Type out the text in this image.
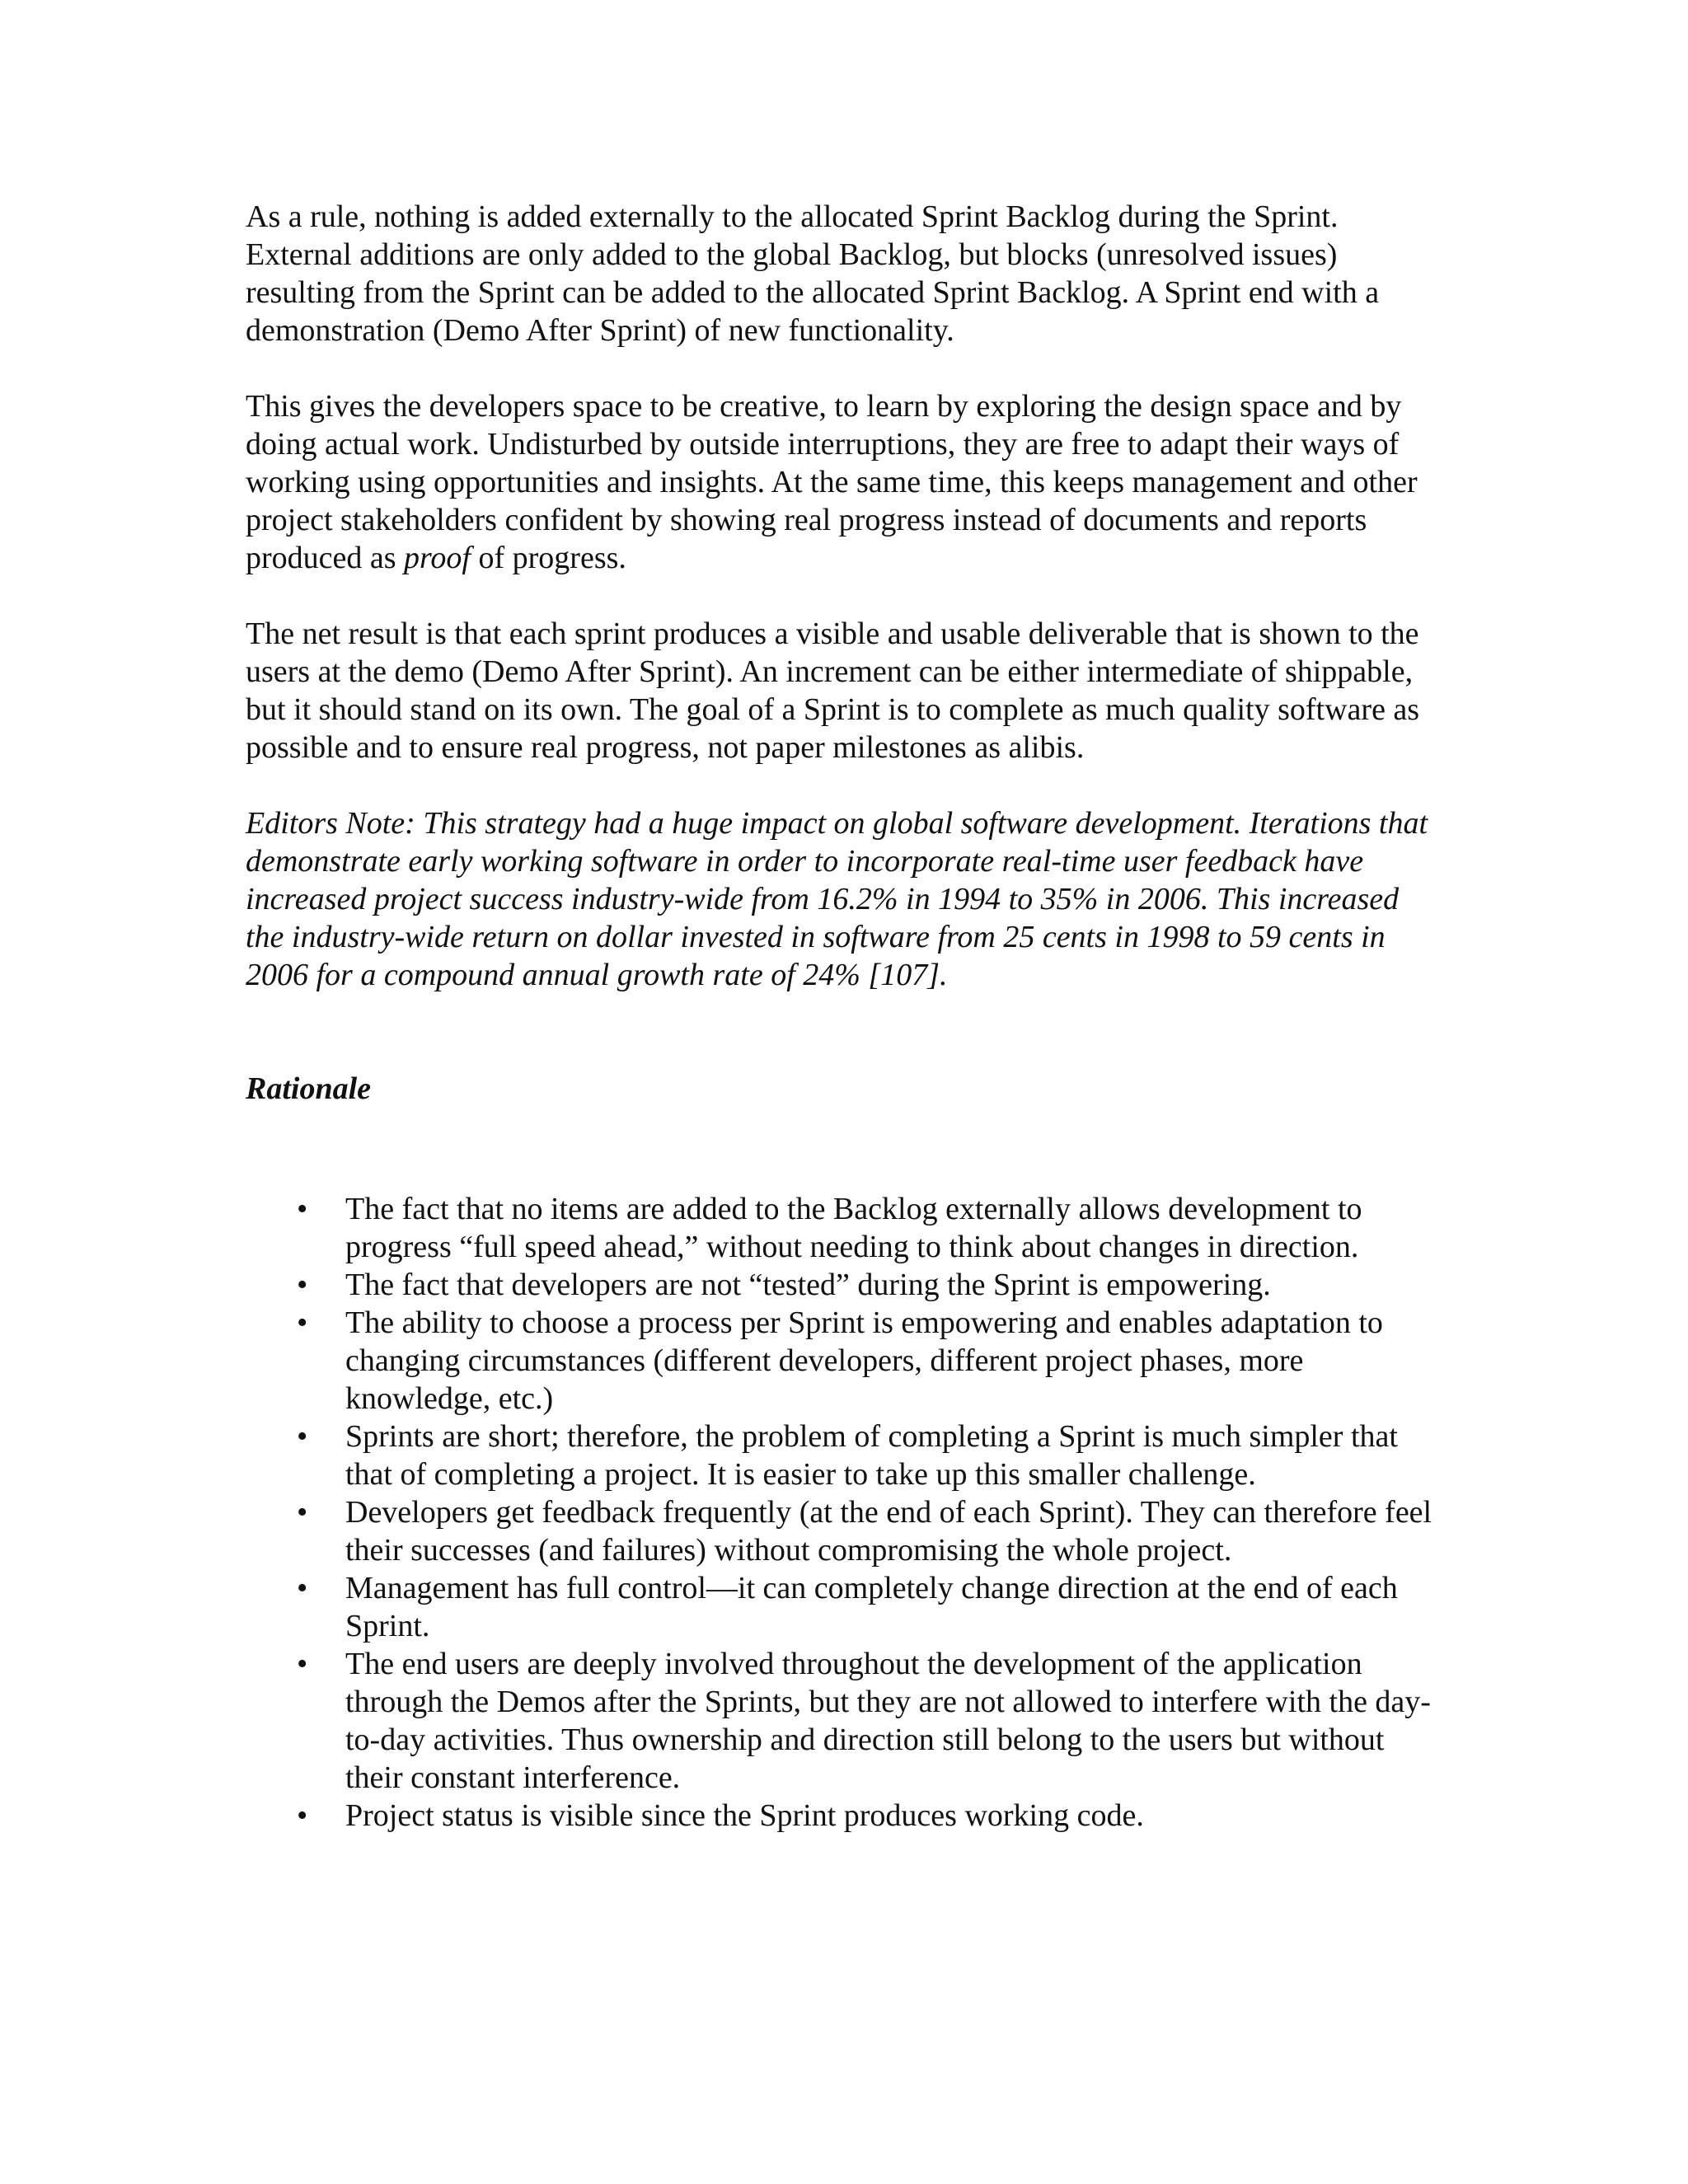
As a rule, nothing is added externally to the allocated Sprint Backlog during the Sprint. External additions are only added to the global Backlog, but blocks (unresolved issues) resulting from the Sprint can be added to the allocated Sprint Backlog. A Sprint end with a demonstration (Demo After Sprint) of new functionality.

This gives the developers space to be creative, to learn by exploring the design space and by doing actual work. Undisturbed by outside interruptions, they are free to adapt their ways of working using opportunities and insights. At the same time, this keeps management and other project stakeholders confident by showing real progress instead of documents and reports produced as proof of progress.

The net result is that each sprint produces a visible and usable deliverable that is shown to the users at the demo (Demo After Sprint). An increment can be either intermediate of shippable, but it should stand on its own. The goal of a Sprint is to complete as much quality software as possible and to ensure real progress, not paper milestones as alibis.

Editors Note: This strategy had a huge impact on global software development. Iterations that demonstrate early working software in order to incorporate real-time user feedback have increased project success industry-wide from 16.2% in 1994 to 35% in 2006. This increased the industry-wide return on dollar invested in software from 25 cents in 1998 to 59 cents in 2006 for a compound annual growth rate of 24% [107].

Rationale
• The fact that no items are added to the Backlog externally allows development to progress “full speed ahead,” without needing to think about changes in direction.
• The fact that developers are not “tested” during the Sprint is empowering.
• The ability to choose a process per Sprint is empowering and enables adaptation to changing circumstances (different developers, different project phases, more knowledge, etc.)
• Sprints are short; therefore, the problem of completing a Sprint is much simpler that that of completing a project. It is easier to take up this smaller challenge.
• Developers get feedback frequently (at the end of each Sprint). They can therefore feel their successes (and failures) without compromising the whole project.
• Management has full control—it can completely change direction at the end of each Sprint.
• The end users are deeply involved throughout the development of the application through the Demos after the Sprints, but they are not allowed to interfere with the day-to-day activities. Thus ownership and direction still belong to the users but without their constant interference.
• Project status is visible since the Sprint produces working code.
